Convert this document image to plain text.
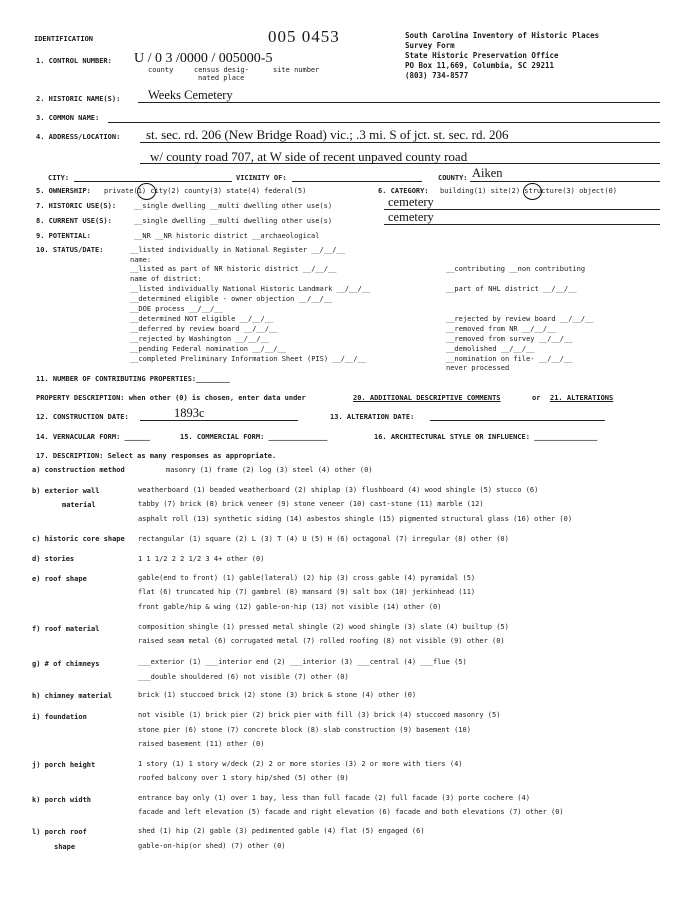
IDENTIFICATION	005 0453	South Carolina Inventory of Historic Places
Survey Form
State Historic Preservation Office
PO Box 11,669, Columbia, SC 29211
(803) 734-8577
1. CONTROL NUMBER: U / 0 3 /0000 / 005000-5
county	census desig-
nated place
site number
2. HISTORIC NAME(S): Weeks Cemetery
3. COMMON NAME:
4. ADDRESS/LOCATION: st. sec. rd. 206 (New Bridge Road) vic.; .3 mi. S of jct. st. sec. rd. 206
w/ county road 707, at W side of recent unpaved county road
CITY:	VICINITY OF:	COUNTY: Aiken
5. OWNERSHIP: private(1) city(2) county(3) state(4) federal(5)	6. CATEGORY: building(1) site(2) structure(3) object(0)
7. HISTORIC USE(S):	__single dwelling __multi dwelling other use(s)	cemetery
8. CURRENT USE(S):	__single dwelling __multi dwelling other use(s)	cemetery
9. POTENTIAL:	__NR __NR historic district __archaeological
10. STATUS/DATE:	__listed individually in National Register __/__/__
name:
__listed as part of NR historic district __/__/__
name of district:
__listed individually National Historic Landmark __/__/__
__determined eligible - owner objection __/__/__
__DOE process __/__/__
__determined NOT eligible __/__/__
__deferred by review board __/__/__
__rejected by Washington __/__/__
__pending Federal nomination __/__/__
__completed Preliminary Information Sheet (PIS) __/__/__
__contributing __non contributing
__part of NHL district __/__/__
__rejected by review board __/__/__
__removed from NR __/__/__
__removed from survey __/__/__
__demolished __/__/__
__nomination on file- __/__/__
never processed
11. NUMBER OF CONTRIBUTING PROPERTIES:________
PROPERTY DESCRIPTION: when other (0) is chosen, enter data under	20. ADDITIONAL DESCRIPTIVE COMMENTS	or 21. ALTERATIONS
12. CONSTRUCTION DATE:	1893c	13. ALTERATION DATE:
14. VERNACULAR FORM: ______	15. COMMERCIAL FORM: ______________	16. ARCHITECTURAL STYLE OR INFLUENCE: _______________
17. DESCRIPTION: Select as many responses as appropriate.
a) construction method	masonry (1) frame (2) log (3) steel (4) other (0)
b) exterior wall
material
weatherboard (1) beaded weatherboard (2) shiplap (3) flushboard (4) wood shingle (5) stucco (6)
tabby (7) brick (8) brick veneer (9) stone veneer (10) cast-stone (11) marble (12)
asphalt roll (13) synthetic siding (14) asbestos shingle (15) pigmented structural glass (16) other (0)
c) historic core shape rectangular (1) square (2) L (3) T (4) U (5) H (6) octagonal (7) irregular (8) other (0)
d) stories	1 1 1/2 2 2 1/2 3 4+ other (0)
e) roof shape	gable(end to front) (1) gable(lateral) (2) hip (3) cross gable (4) pyramidal (5)
flat (6) truncated hip (7) gambrel (8) mansard (9) salt box (10) jerkinhead (11)
front gable/hip & wing (12) gable-on-hip (13) not visible (14) other (0)
f) roof material	composition shingle (1) pressed metal shingle (2) wood shingle (3) slate (4) builtup (5)
raised seam metal (6) corrugated metal (7) rolled roofing (8) not visible (9) other (0)
g) # of chimneys	___exterior (1) ___interior end (2) ___interior (3) ___central (4) ___flue (5)
___double shouldered (6) not visible (7) other (0)
h) chimney material	brick (1) stuccoed brick (2) stone (3) brick & stone (4) other (0)
i) foundation	not visible (1) brick pier (2) brick pier with fill (3) brick (4) stuccoed masonry (5)
stone pier (6) stone (7) concrete block (8) slab construction (9) basement (10)
raised basement (11) other (0)
j) porch height	1 story (1) 1 story w/deck (2) 2 or more stories (3) 2 or more with tiers (4)
roofed balcony over 1 story hip/shed (5) other (0)
k) porch width	entrance bay only (1) over 1 bay, less than full facade (2) full facade (3) porte cochere (4)
facade and left elevation (5) facade and right elevation (6) facade and both elevations (7) other (0)
l) porch roof
shape
shed (1) hip (2) gable (3) pedimented gable (4) flat (5) engaged (6)
gable-on-hip(or shed) (7) other (0)
